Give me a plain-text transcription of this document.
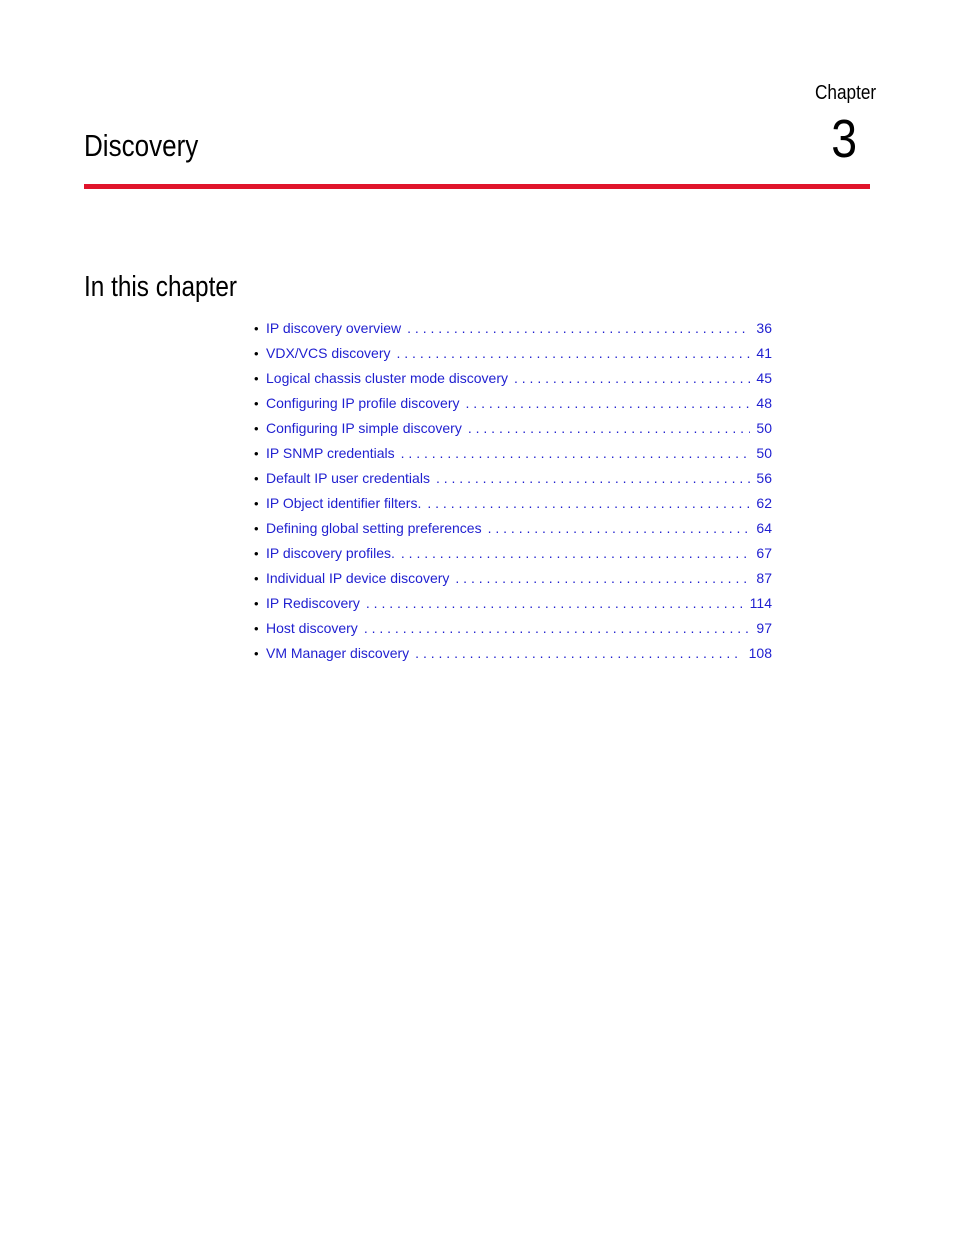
Chapter
3
Discovery
In this chapter
• IP discovery overview . . .	36
• VDX/VCS discovery . . .	41
• Logical chassis cluster mode discovery . . .	45
• Configuring IP profile discovery . . .	48
• Configuring IP simple discovery . . .	50
• IP SNMP credentials . . .	50
• Default IP user credentials . . .	56
• IP Object identifier filters. . . .	62
• Defining global setting preferences . . .	64
• IP discovery profiles. . . .	67
• Individual IP device discovery . . .	87
• IP Rediscovery . . .	114
• Host discovery . . .	97
• VM Manager discovery . . .	108
